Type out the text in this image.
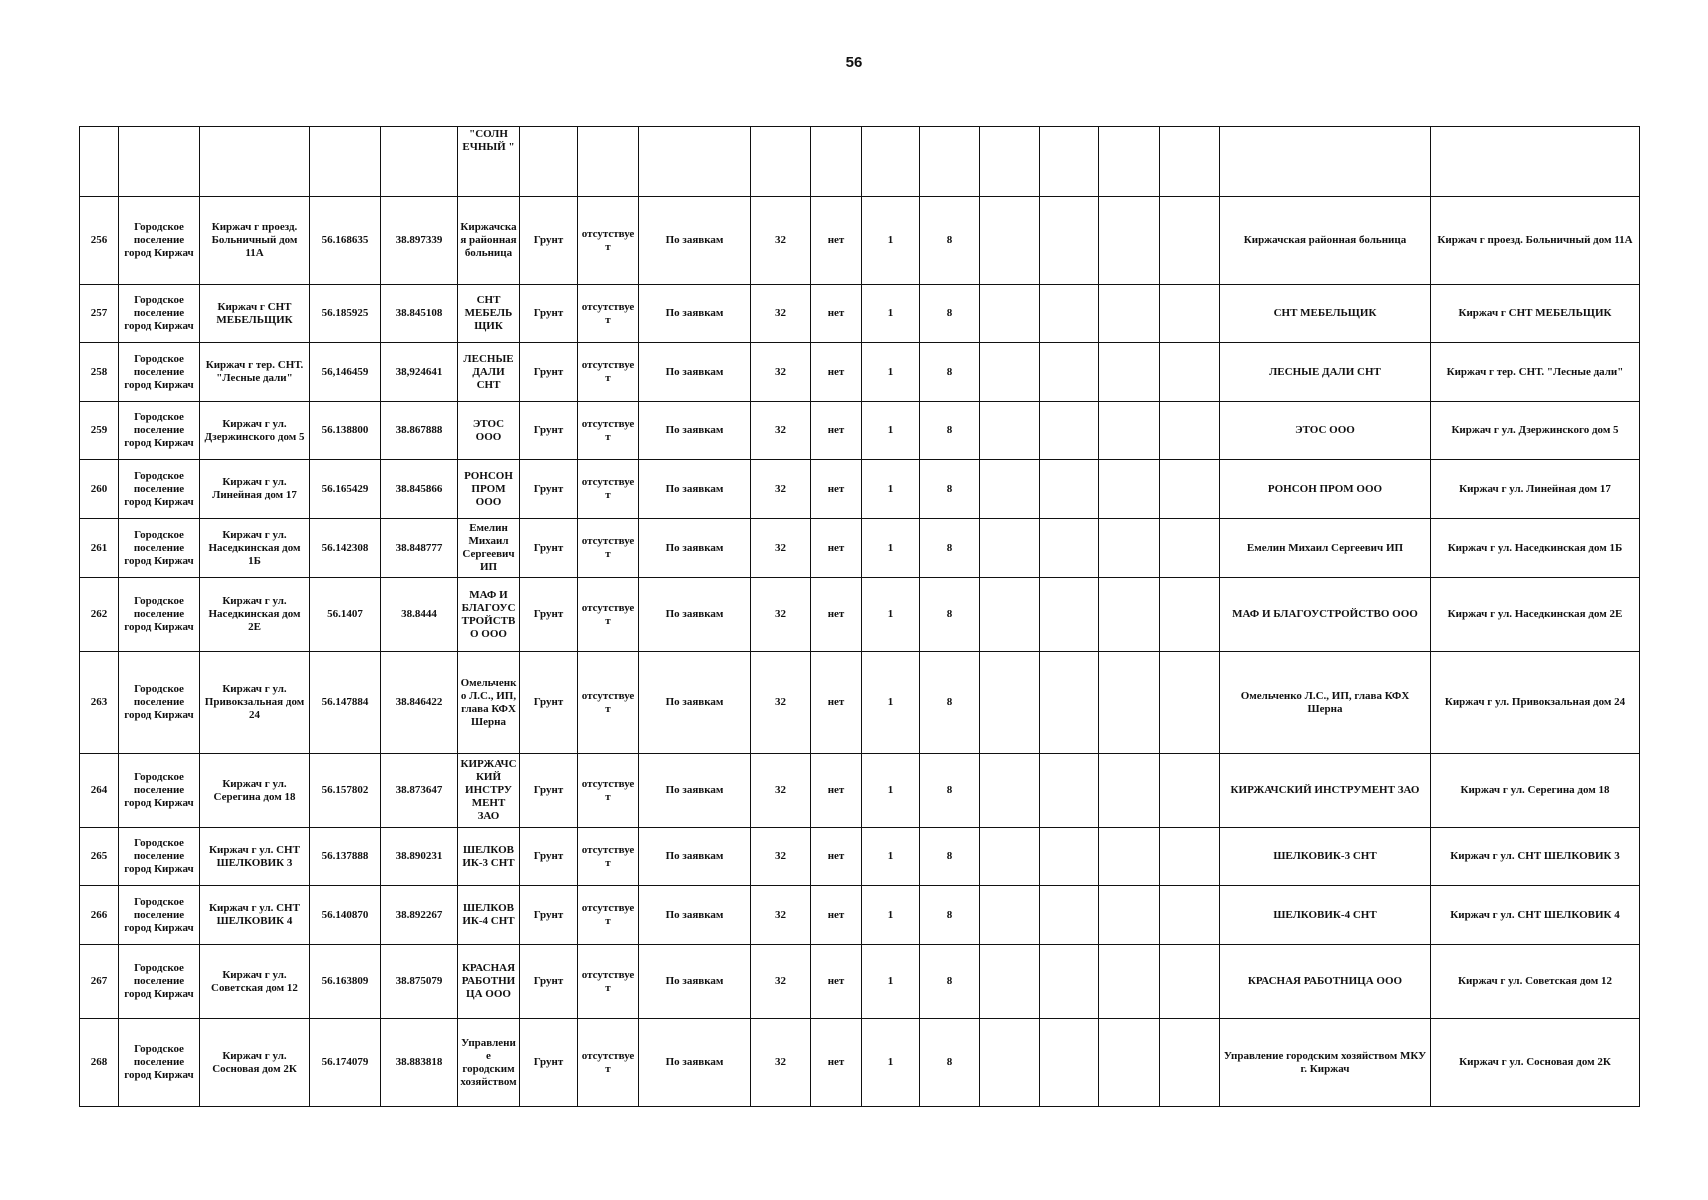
56
					"СОЛН ЕЧНЫЙ "													
256	Городское поселение город Киржач	Киржач г проезд. Больничный дом 11А	56.168635	38.897339	Киржачская районная больница	Грунт	отсутствует	По заявкам	32	нет	1	8					Киржачская районная больница	Киржач г проезд. Больничный дом 11А
257	Городское поселение город Киржач	Киржач г СНТ МЕБЕЛЬЩИК	56.185925	38.845108	СНТ МЕБЕЛЬЩИК	Грунт	отсутствует	По заявкам	32	нет	1	8					СНТ МЕБЕЛЬЩИК	Киржач г СНТ МЕБЕЛЬЩИК
258	Городское поселение город Киржач	Киржач г тер. СНТ. "Лесные дали"	56,146459	38,924641	ЛЕСНЫЕ ДАЛИ СНТ	Грунт	отсутствует	По заявкам	32	нет	1	8					ЛЕСНЫЕ ДАЛИ СНТ	Киржач г тер. СНТ. "Лесные дали"
259	Городское поселение город Киржач	Киржач г ул. Дзержинского дом 5	56.138800	38.867888	ЭТОС ООО	Грунт	отсутствует	По заявкам	32	нет	1	8					ЭТОС ООО	Киржач г ул. Дзержинского дом 5
260	Городское поселение город Киржач	Киржач г ул. Линейная дом 17	56.165429	38.845866	РОНСОН ПРОМ ООО	Грунт	отсутствует	По заявкам	32	нет	1	8					РОНСОН ПРОМ ООО	Киржач г ул. Линейная дом 17
261	Городское поселение город Киржач	Киржач г ул. Наседкинская дом 1Б	56.142308	38.848777	Емелин Михаил Сергеевич ИП	Грунт	отсутствует	По заявкам	32	нет	1	8					Емелин Михаил Сергеевич ИП	Киржач г ул. Наседкинская дом 1Б
262	Городское поселение город Киржач	Киржач г ул. Наседкинская дом 2Е	56.1407	38.8444	МАФ И БЛАГОУСТРОЙСТВО ООО	Грунт	отсутствует	По заявкам	32	нет	1	8					МАФ И БЛАГОУСТРОЙСТВО ООО	Киржач г ул. Наседкинская дом 2Е
263	Городское поселение город Киржач	Киржач г ул. Привокзальная дом 24	56.147884	38.846422	Омельченко Л.С., ИП, глава КФХ Шерна	Грунт	отсутствует	По заявкам	32	нет	1	8					Омельченко Л.С., ИП, глава КФХ Шерна	Киржач г ул. Привокзальная дом 24
264	Городское поселение город Киржач	Киржач г ул. Серегина дом 18	56.157802	38.873647	КИРЖАЧСКИЙ ИНСТРУМЕНТ ЗАО	Грунт	отсутствует	По заявкам	32	нет	1	8					КИРЖАЧСКИЙ ИНСТРУМЕНТ ЗАО	Киржач г ул. Серегина дом 18
265	Городское поселение город Киржач	Киржач г ул. СНТ ШЕЛКОВИК 3	56.137888	38.890231	ШЕЛКОВИК-3 СНТ	Грунт	отсутствует	По заявкам	32	нет	1	8					ШЕЛКОВИК-3 СНТ	Киржач г ул. СНТ ШЕЛКОВИК 3
266	Городское поселение город Киржач	Киржач г ул. СНТ ШЕЛКОВИК 4	56.140870	38.892267	ШЕЛКОВИК-4 СНТ	Грунт	отсутствует	По заявкам	32	нет	1	8					ШЕЛКОВИК-4 СНТ	Киржач г ул. СНТ ШЕЛКОВИК 4
267	Городское поселение город Киржач	Киржач г ул. Советская дом 12	56.163809	38.875079	КРАСНАЯ РАБОТНИЦА ООО	Грунт	отсутствует	По заявкам	32	нет	1	8					КРАСНАЯ РАБОТНИЦА ООО	Киржач г ул. Советская дом 12
268	Городское поселение город Киржач	Киржач г ул. Сосновая дом 2К	56.174079	38.883818	Управление городским хозяйством	Грунт	отсутствует	По заявкам	32	нет	1	8					Управление городским хозяйством МКУ г. Киржач	Киржач г ул. Сосновая дом 2К
